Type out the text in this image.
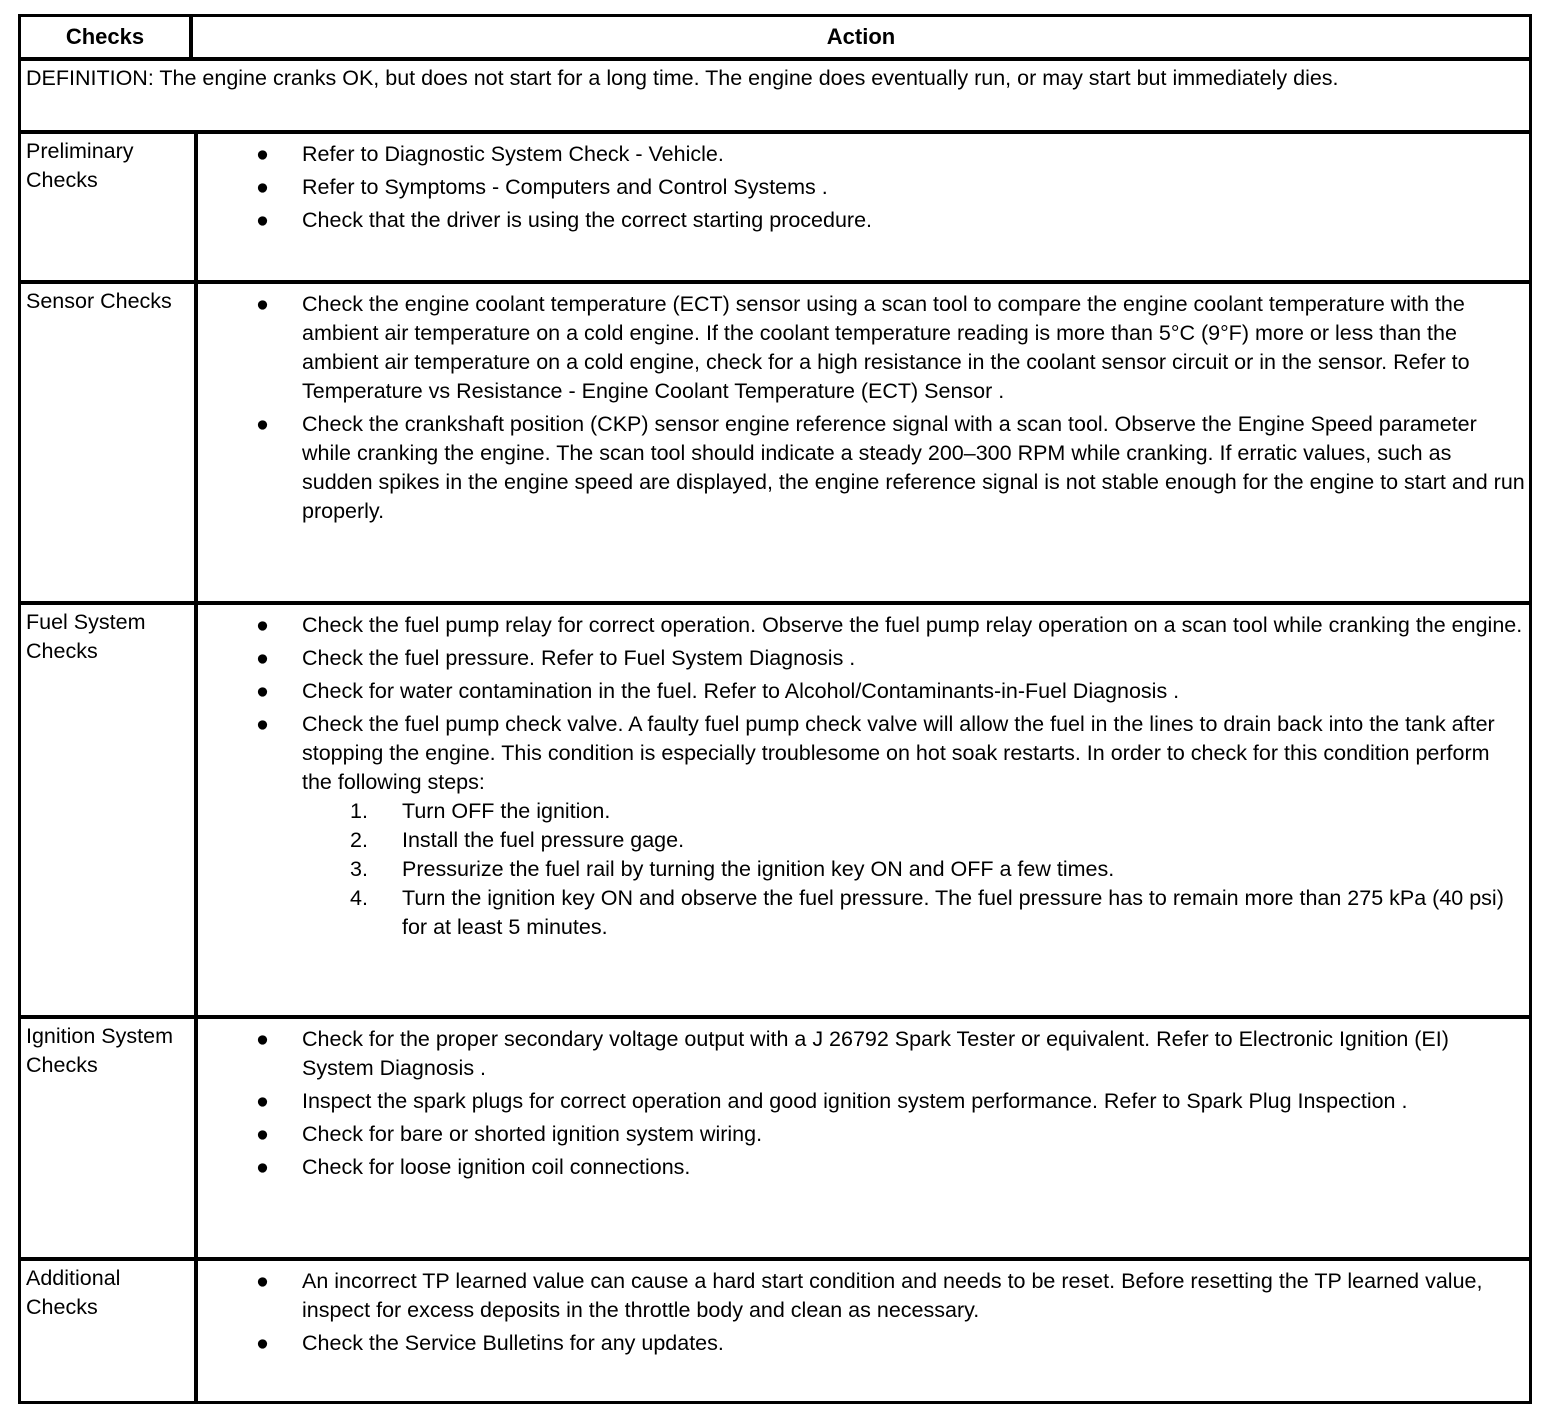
Checks	Action
DEFINITION: The engine cranks OK, but does not start for a long time. The engine does eventually run, or may start but immediately dies.
Preliminary Checks
● Refer to Diagnostic System Check - Vehicle.
● Refer to Symptoms - Computers and Control Systems .
● Check that the driver is using the correct starting procedure.
Sensor Checks	● Check the engine coolant temperature (ECT) sensor using a scan tool to compare the engine coolant temperature with the ambient air temperature on a cold engine. If the coolant temperature reading is more than 5°C (9°F) more or less than the ambient air temperature on a cold engine, check for a high resistance in the coolant sensor circuit or in the sensor. Refer to Temperature vs Resistance - Engine Coolant Temperature (ECT) Sensor .
● Check the crankshaft position (CKP) sensor engine reference signal with a scan tool. Observe the Engine Speed parameter while cranking the engine. The scan tool should indicate a steady 200–300 RPM while cranking. If erratic values, such as sudden spikes in the engine speed are displayed, the engine reference signal is not stable enough for the engine to start and run properly.
Fuel System Checks
● Check the fuel pump relay for correct operation. Observe the fuel pump relay operation on a scan tool while cranking the engine.
● Check the fuel pressure. Refer to Fuel System Diagnosis .
● Check for water contamination in the fuel. Refer to Alcohol/Contaminants-in-Fuel Diagnosis .
● Check the fuel pump check valve. A faulty fuel pump check valve will allow the fuel in the lines to drain back into the tank after stopping the engine. This condition is especially troublesome on hot soak restarts. In order to check for this condition perform the following steps:
1. Turn OFF the ignition.
2. Install the fuel pressure gage.
3. Pressurize the fuel rail by turning the ignition key ON and OFF a few times.
4. Turn the ignition key ON and observe the fuel pressure. The fuel pressure has to remain more than 275 kPa (40 psi) for at least 5 minutes.
Ignition System Checks
● Check for the proper secondary voltage output with a J 26792 Spark Tester or equivalent. Refer to Electronic Ignition (EI) System Diagnosis .
● Inspect the spark plugs for correct operation and good ignition system performance. Refer to Spark Plug Inspection .
● Check for bare or shorted ignition system wiring.
● Check for loose ignition coil connections.
Additional Checks
● An incorrect TP learned value can cause a hard start condition and needs to be reset. Before resetting the TP learned value, inspect for excess deposits in the throttle body and clean as necessary.
● Check the Service Bulletins for any updates.
